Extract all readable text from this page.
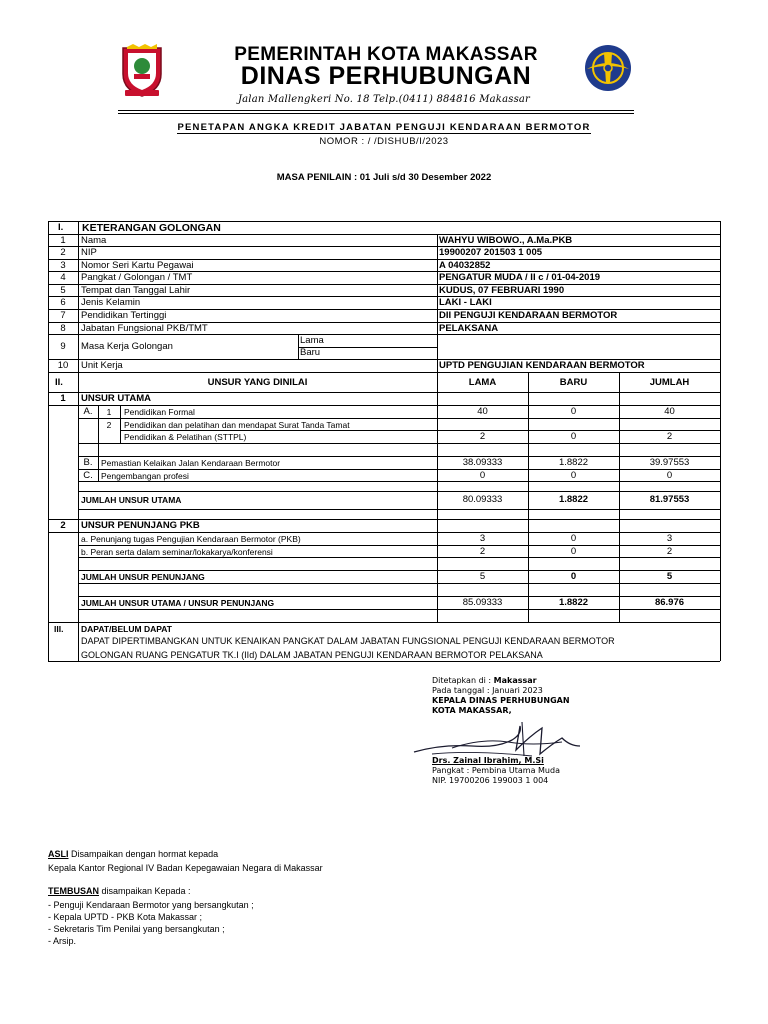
PEMERINTAH KOTA MAKASSAR
DINAS PERHUBUNGAN
Jalan Mallengkeri No. 18 Telp.(0411) 884816 Makassar
PENETAPAN ANGKA KREDIT JABATAN PENGUJI KENDARAAN BERMOTOR
NOMOR : / /DISHUB/I/2023
MASA PENILAIN : 01 Juli s/d 30 Desember 2022
I. KETERANGAN GOLONGAN
1	Nama	WAHYU WIBOWO., A.Ma.PKB
2	NIP	19900207 201503 1 005
3	Nomor Seri Kartu Pegawai	A 04032852
4	Pangkat / Golongan / TMT	PENGATUR MUDA / II c / 01-04-2019
5	Tempat dan Tanggal Lahir	KUDUS, 07 FEBRUARI 1990
6	Jenis Kelamin	LAKI - LAKI
7	Pendidikan Tertinggi	DII PENGUJI KENDARAAN BERMOTOR
8	Jabatan Fungsional PKB/TMT	PELAKSANA
9	Masa Kerja Golongan
Lama
Baru
10	Unit Kerja	UPTD PENGUJIAN KENDARAAN BERMOTOR
II.	UNSUR YANG DINILAI	LAMA	BARU	JUMLAH
1	UNSUR UTAMA
A.	1	Pendidikan Formal	40	0	40
2	Pendidikan dan pelatihan dan mendapat Surat Tanda Tamat
Pendidikan & Pelatihan (STTPL)	2	0	2
B.	Pemastian Kelaikan Jalan Kendaraan Bermotor	38.09333	1.8822	39.97553
C. Pengembangan profesi	0	0	0
JUMLAH UNSUR UTAMA	80.09333	1.8822	81.97553
2	UNSUR PENUNJANG PKB
a. Penunjang tugas Pengujian Kendaraan Bermotor (PKB)	3	0	3
b. Peran serta dalam seminar/lokakarya/konferensi	2	0	2
JUMLAH UNSUR PENUNJANG	5	0	5
JUMLAH UNSUR UTAMA / UNSUR PENUNJANG	85.09333	1.8822	86.976
III. DAPAT/BELUM DAPAT
DAPAT DIPERTIMBANGKAN UNTUK KENAIKAN PANGKAT DALAM JABATAN FUNGSIONAL PENGUJI KENDARAAN BERMOTOR
GOLONGAN RUANG PENGATUR TK.I (IId) DALAM JABATAN PENGUJI KENDARAAN BERMOTOR PELAKSANA
Ditetapkan di : Makassar
Pada tanggal : Januari 2023
KEPALA DINAS PERHUBUNGAN
KOTA MAKASSAR,
Drs. Zainal Ibrahim, M.Si
Pangkat : Pembina Utama Muda
NIP. 19700206 199003 1 004
ASLI Disampaikan dengan hormat kepada
Kepala Kantor Regional IV Badan Kepegawaian Negara di Makassar
TEMBUSAN disampaikan Kepada :
- Penguji Kendaraan Bermotor yang bersangkutan ;
- Kepala UPTD - PKB Kota Makassar ;
- Sekretaris Tim Penilai yang bersangkutan ;
- Arsip.
